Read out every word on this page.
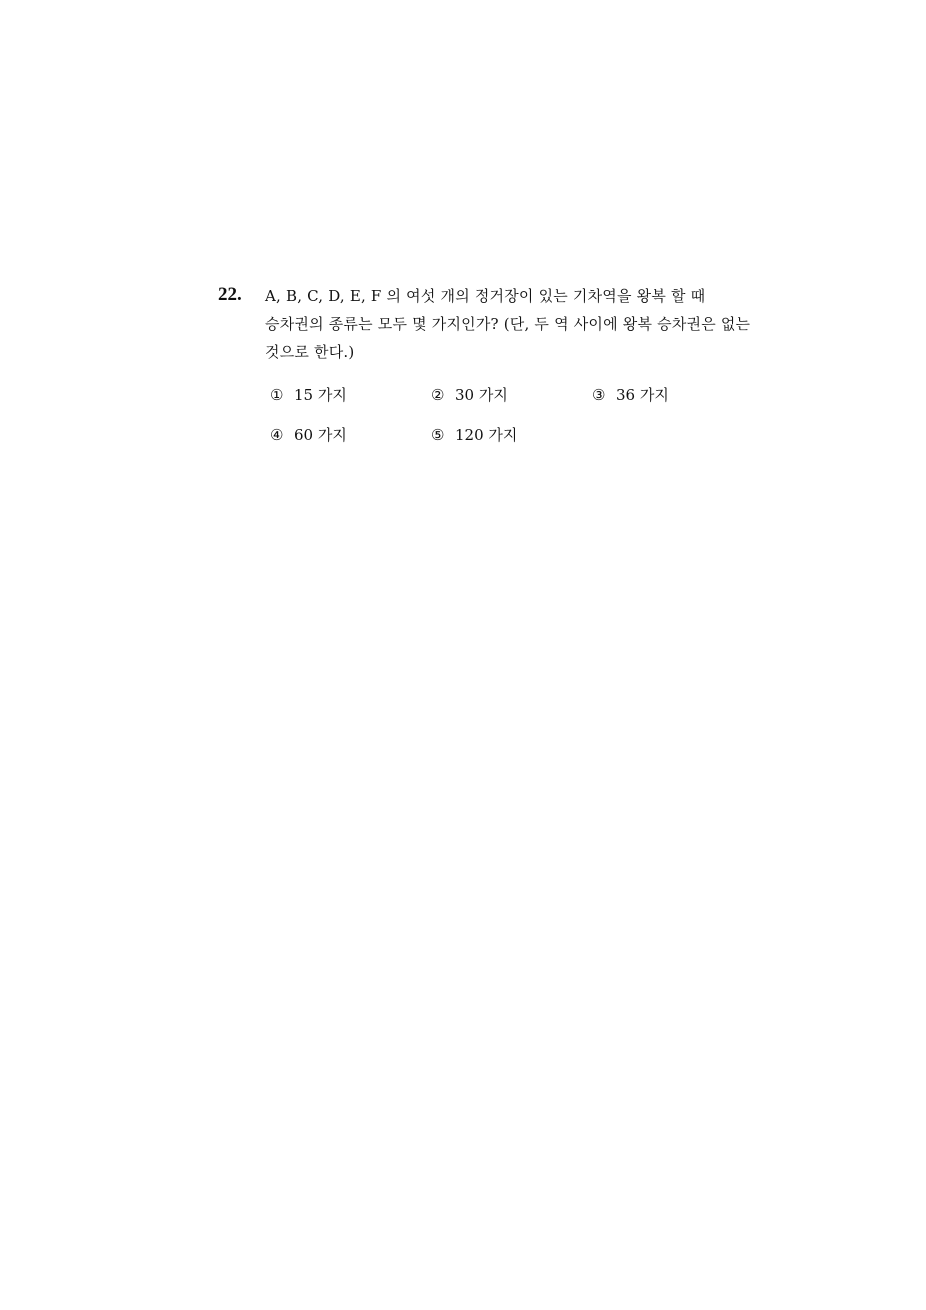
22. A, B, C, D, E, F 의 여섯 개의 정거장이 있는 기차역을 왕복 할 때
승차권의 종류는 모두 몇 가지인가? (단, 두 역 사이에 왕복 승차권은 없는
것으로 한다.)
① 15 가지	② 30 가지	③ 36 가지
④ 60 가지	⑤ 120 가지
